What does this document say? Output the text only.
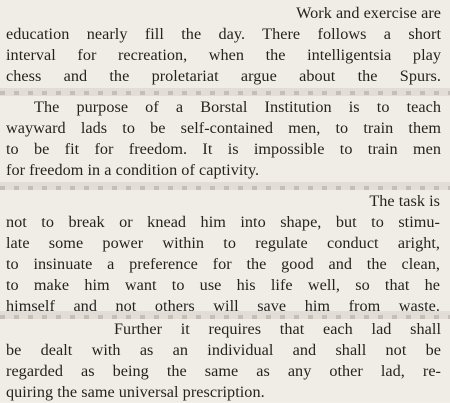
Work and exercise are
education nearly fill the day. There follows a short
interval for recreation, when the intelligentsia play
chess and the proletariat argue about the Spurs.
The purpose of a Borstal Institution is to teach
wayward lads to be self-contained men, to train them
to be fit for freedom. It is impossible to train men
for freedom in a condition of captivity.
The task is
not to break or knead him into shape, but to stimu-
late some power within to regulate conduct aright,
to insinuate a preference for the good and the clean,
to make him want to use his life well, so that he
himself and not others will save him from waste.
Further it requires that each lad shall
be dealt with as an individual and shall not be
regarded as being the same as any other lad, re-
quiring the same universal prescription.
